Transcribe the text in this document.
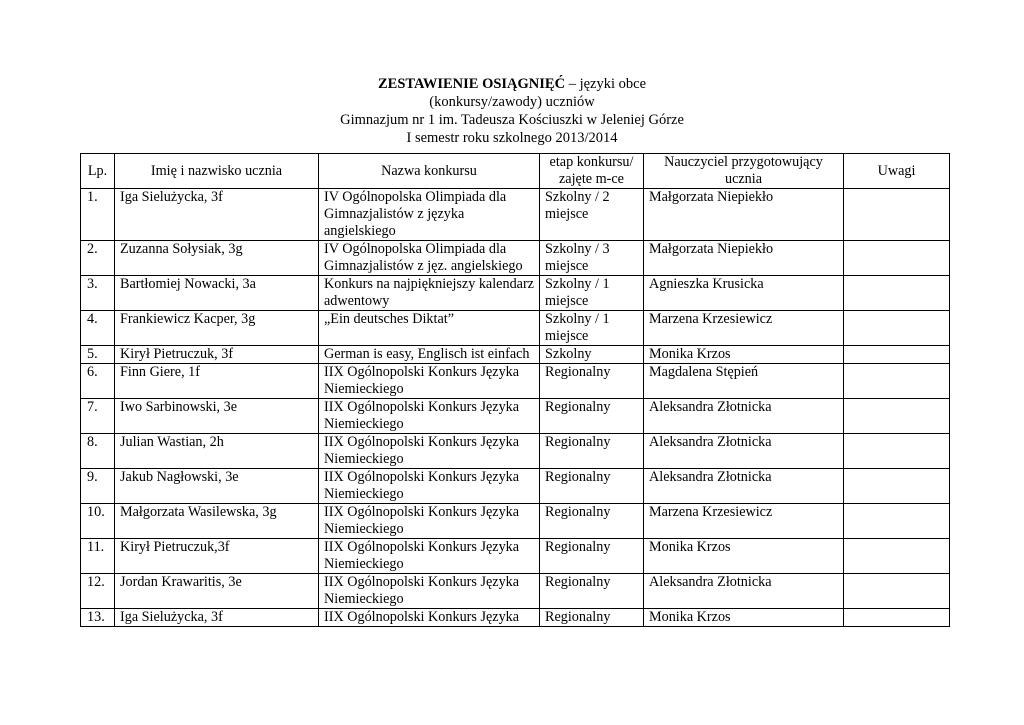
ZESTAWIENIE OSIĄGNIĘĆ – języki obce
(konkursy/zawody) uczniów
Gimnazjum nr 1 im. Tadeusza Kościuszki w Jeleniej Górze
I semestr roku szkolnego 2013/2014
Lp.	Imię i nazwisko ucznia	Nazwa konkursu	etap konkursu/ zajęte m-ce	Nauczyciel przygotowujący ucznia	Uwagi
1.	Iga Sielużycka, 3f	IV Ogólnopolska Olimpiada dla Gimnazjalistów z języka angielskiego	Szkolny / 2 miejsce	Małgorzata Niepiekło	
2.	Zuzanna Sołysiak, 3g	IV Ogólnopolska Olimpiada dla Gimnazjalistów z jęz. angielskiego	Szkolny / 3 miejsce	Małgorzata Niepiekło	
3.	Bartłomiej Nowacki, 3a	Konkurs na najpiękniejszy kalendarz adwentowy	Szkolny / 1 miejsce	Agnieszka Krusicka	
4.	Frankiewicz Kacper, 3g	„Ein deutsches Diktat”	Szkolny / 1 miejsce	Marzena Krzesiewicz	
5.	Kirył Pietruczuk, 3f	German is easy, Englisch ist einfach	Szkolny	Monika Krzos	
6.	Finn Giere, 1f	IIX Ogólnopolski Konkurs Języka Niemieckiego	Regionalny	Magdalena Stępień	
7.	Iwo Sarbinowski, 3e	IIX Ogólnopolski Konkurs Języka Niemieckiego	Regionalny	Aleksandra Złotnicka	
8.	Julian Wastian, 2h	IIX Ogólnopolski Konkurs Języka Niemieckiego	Regionalny	Aleksandra Złotnicka	
9.	Jakub Nagłowski, 3e	IIX Ogólnopolski Konkurs Języka Niemieckiego	Regionalny	Aleksandra Złotnicka	
10.	Małgorzata Wasilewska, 3g	IIX Ogólnopolski Konkurs Języka Niemieckiego	Regionalny	Marzena Krzesiewicz	
11.	Kirył Pietruczuk,3f	IIX Ogólnopolski Konkurs Języka Niemieckiego	Regionalny	Monika Krzos	
12.	Jordan Krawaritis, 3e	IIX Ogólnopolski Konkurs Języka Niemieckiego	Regionalny	Aleksandra Złotnicka	
13.	Iga Sielużycka, 3f	IIX Ogólnopolski Konkurs Języka	Regionalny	Monika Krzos	
